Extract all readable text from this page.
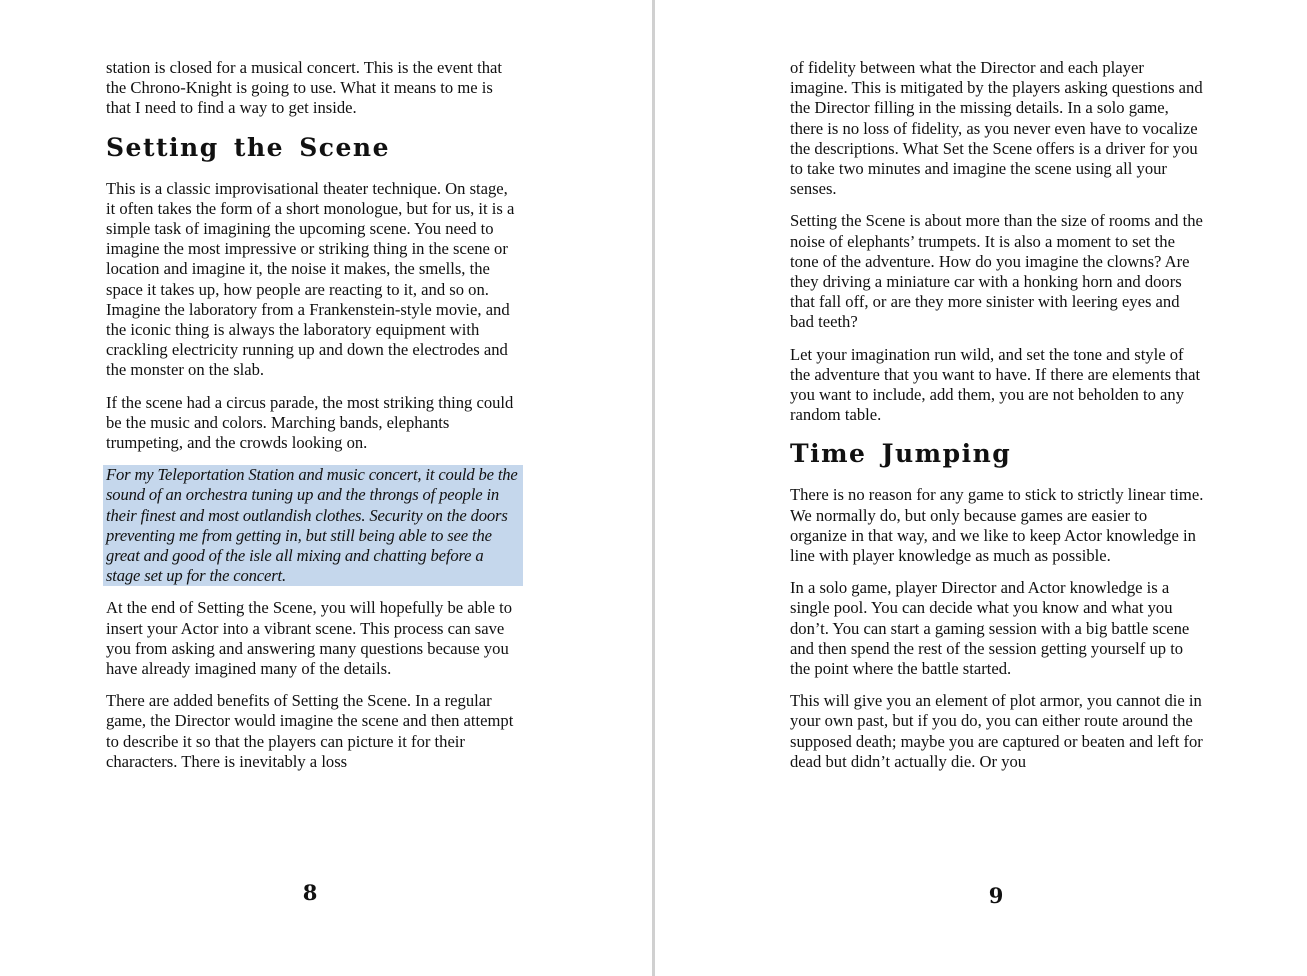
station is closed for a musical concert. This is the event that the Chrono-Knight is going to use. What it means to me is that I need to find a way to get inside.

Setting the Scene

This is a classic improvisational theater technique. On stage, it often takes the form of a short monologue, but for us, it is a simple task of imagining the upcoming scene. You need to imagine the most impressive or striking thing in the scene or location and imagine it, the noise it makes, the smells, the space it takes up, how people are reacting to it, and so on. Imagine the laboratory from a Frankenstein-style movie, and the iconic thing is always the laboratory equipment with crackling electricity running up and down the electrodes and the monster on the slab.

If the scene had a circus parade, the most striking thing could be the music and colors. Marching bands, elephants trumpeting, and the crowds looking on.

For my Teleportation Station and music concert, it could be the sound of an orchestra tuning up and the throngs of people in their finest and most outlandish clothes. Security on the doors preventing me from getting in, but still being able to see the great and good of the isle all mixing and chatting before a stage set up for the concert.

At the end of Setting the Scene, you will hopefully be able to insert your Actor into a vibrant scene. This process can save you from asking and answering many questions because you have already imagined many of the details.

There are added benefits of Setting the Scene. In a regular game, the Director would imagine the scene and then attempt to describe it so that the players can picture it for their characters. There is inevitably a loss

8

of fidelity between what the Director and each player imagine. This is mitigated by the players asking questions and the Director filling in the missing details. In a solo game, there is no loss of fidelity, as you never even have to vocalize the descriptions. What Set the Scene offers is a driver for you to take two minutes and imagine the scene using all your senses.

Setting the Scene is about more than the size of rooms and the noise of elephants’ trumpets. It is also a moment to set the tone of the adventure. How do you imagine the clowns? Are they driving a miniature car with a honking horn and doors that fall off, or are they more sinister with leering eyes and bad teeth?

Let your imagination run wild, and set the tone and style of the adventure that you want to have. If there are elements that you want to include, add them, you are not beholden to any random table.

Time Jumping

There is no reason for any game to stick to strictly linear time. We normally do, but only because games are easier to organize in that way, and we like to keep Actor knowledge in line with player knowledge as much as possible.

In a solo game, player Director and Actor knowledge is a single pool. You can decide what you know and what you don’t. You can start a gaming session with a big battle scene and then spend the rest of the session getting yourself up to the point where the battle started.

This will give you an element of plot armor, you cannot die in your own past, but if you do, you can either route around the supposed death; maybe you are captured or beaten and left for dead but didn’t actually die. Or you

9
